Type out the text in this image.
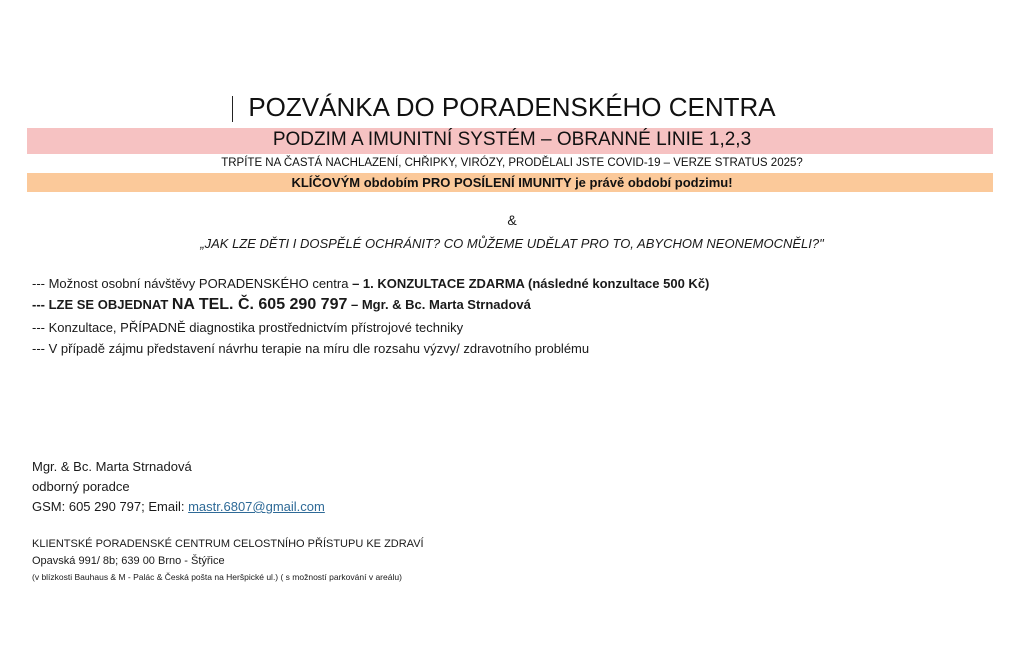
POZVÁNKA DO PORADENSKÉHO CENTRA
PODZIM A IMUNITNÍ SYSTÉM – OBRANNÉ LINIE 1,2,3
TRPÍTE NA ČASTÁ NACHLAZENÍ, CHŘIPKY, VIRÓZY, PRODĚLALI JSTE COVID-19 – VERZE STRATUS 2025?
KLÍČOVÝM obdobím PRO POSÍLENÍ IMUNITY je právě období podzimu!
&
„JAK LZE DĚTI I DOSPĚLÉ OCHRÁNIT? CO MŮŽEME UDĚLAT PRO TO, ABYCHOM NEONEMOCNĚLI?"
--- Možnost osobní návštěvy PORADENSKÉHO centra – 1. KONZULTACE ZDARMA (následné konzultace 500 Kč)
--- LZE SE OBJEDNAT NA TEL. Č. 605 290 797 – Mgr. & Bc. Marta Strnadová
--- Konzultace, PŘÍPADNĚ diagnostika prostřednictvím přístrojové techniky
--- V případě zájmu představení návrhu terapie na míru dle rozsahu výzvy/ zdravotního problému
Mgr. & Bc. Marta Strnadová
odborný poradce
GSM: 605 290 797; Email: mastr.6807@gmail.com
KLIENTSKÉ PORADENSKÉ CENTRUM CELOSTNÍHO PŘÍSTUPU KE ZDRAVÍ
Opavská 991/ 8b; 639 00 Brno - Štýřice
(v blízkosti Bauhaus & M - Palác & Česká pošta na Heršpické ul.) ( s možností parkování v areálu)
